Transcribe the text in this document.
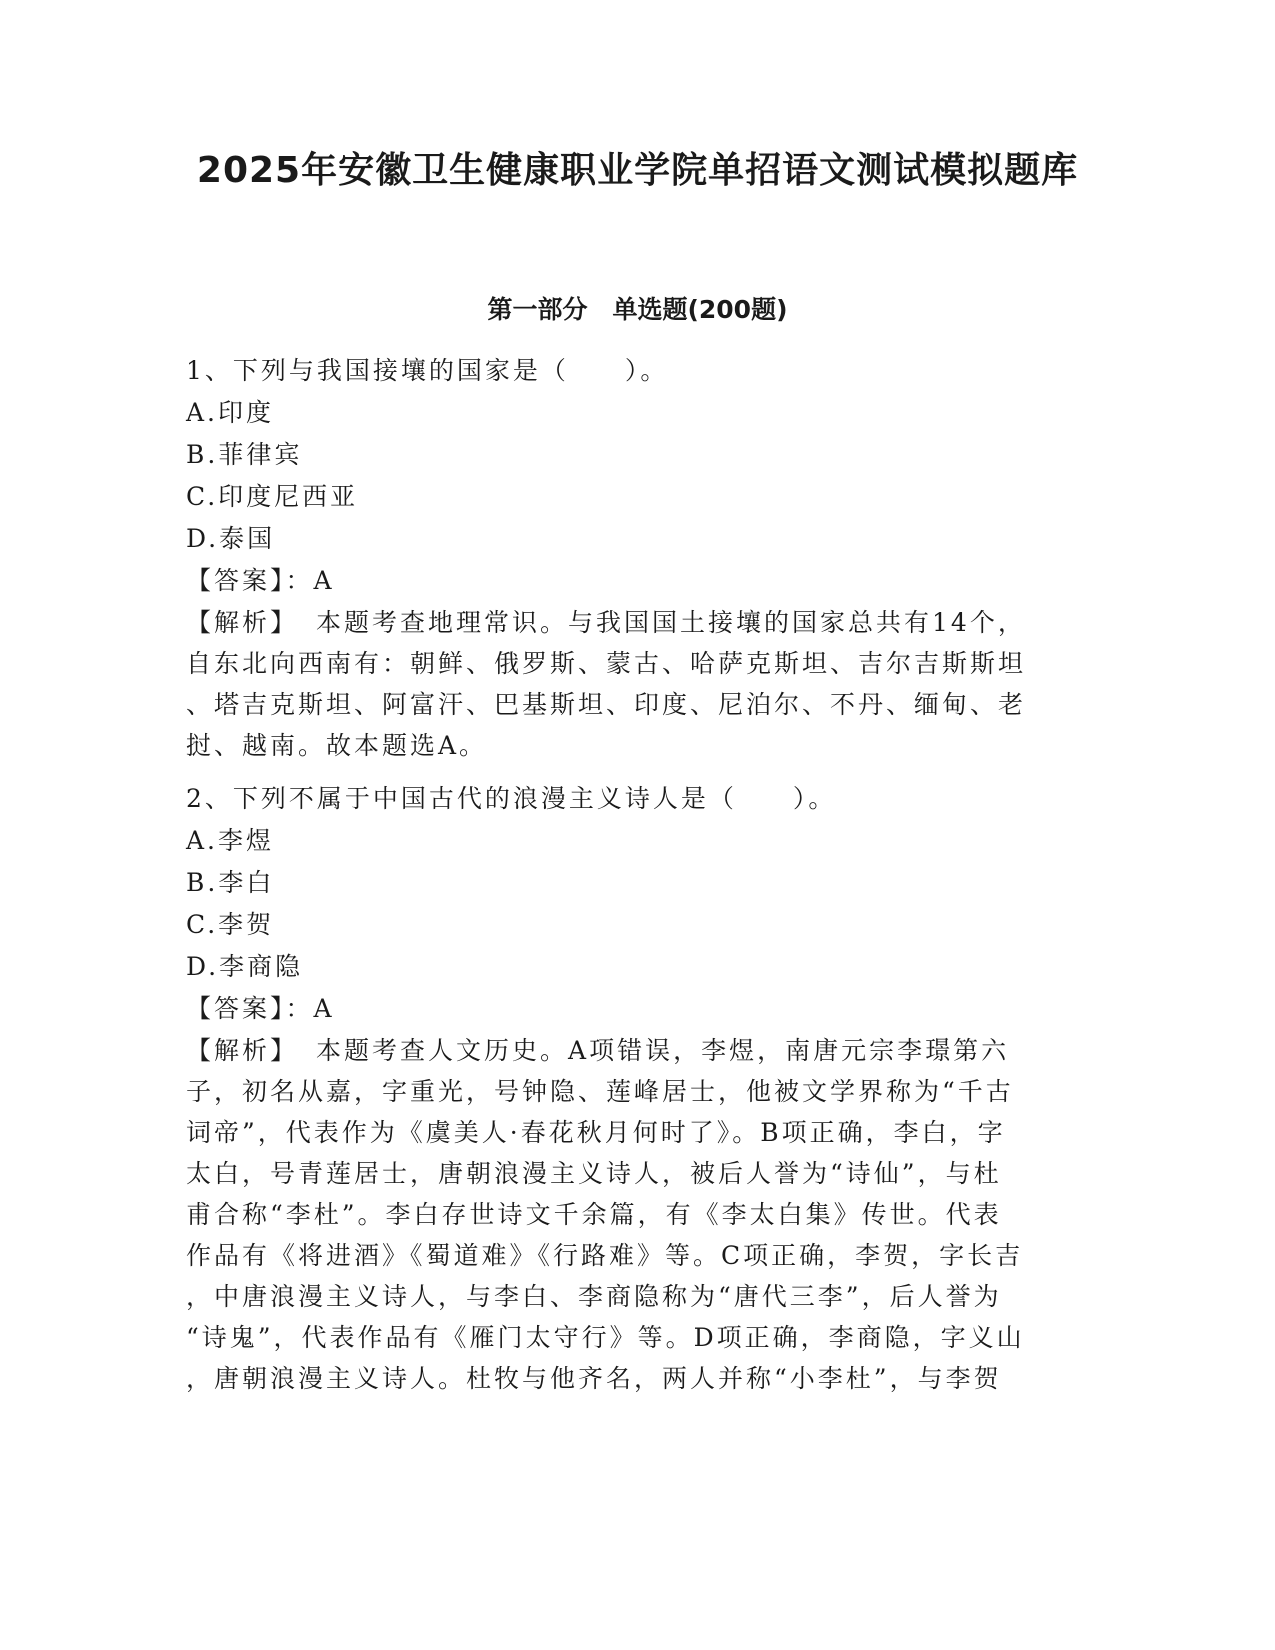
2025年安徽卫生健康职业学院单招语文测试模拟题库
第一部分　单选题(200题)
1、下列与我国接壤的国家是（　　）。
A.印度
B.菲律宾
C.印度尼西亚
D.泰国
【答案】：A
【解析】 本题考查地理常识。与我国国土接壤的国家总共有14个，
自东北向西南有：朝鲜、俄罗斯、蒙古、哈萨克斯坦、吉尔吉斯斯坦
、塔吉克斯坦、阿富汗、巴基斯坦、印度、尼泊尔、不丹、缅甸、老
挝、越南。故本题选A。
2、下列不属于中国古代的浪漫主义诗人是（　　）。
A.李煜
B.李白
C.李贺
D.李商隐
【答案】：A
【解析】 本题考查人文历史。A项错误，李煜，南唐元宗李璟第六
子，初名从嘉，字重光，号钟隐、莲峰居士，他被文学界称为“千古
词帝”，代表作为《虞美人·春花秋月何时了》。B项正确，李白，字
太白，号青莲居士，唐朝浪漫主义诗人，被后人誉为“诗仙”，与杜
甫合称“李杜”。李白存世诗文千余篇，有《李太白集》传世。代表
作品有《将进酒》《蜀道难》《行路难》等。C项正确，李贺，字长吉
，中唐浪漫主义诗人，与李白、李商隐称为“唐代三李”，后人誉为
“诗鬼”，代表作品有《雁门太守行》等。D项正确，李商隐，字义山
，唐朝浪漫主义诗人。杜牧与他齐名，两人并称“小李杜”，与李贺
